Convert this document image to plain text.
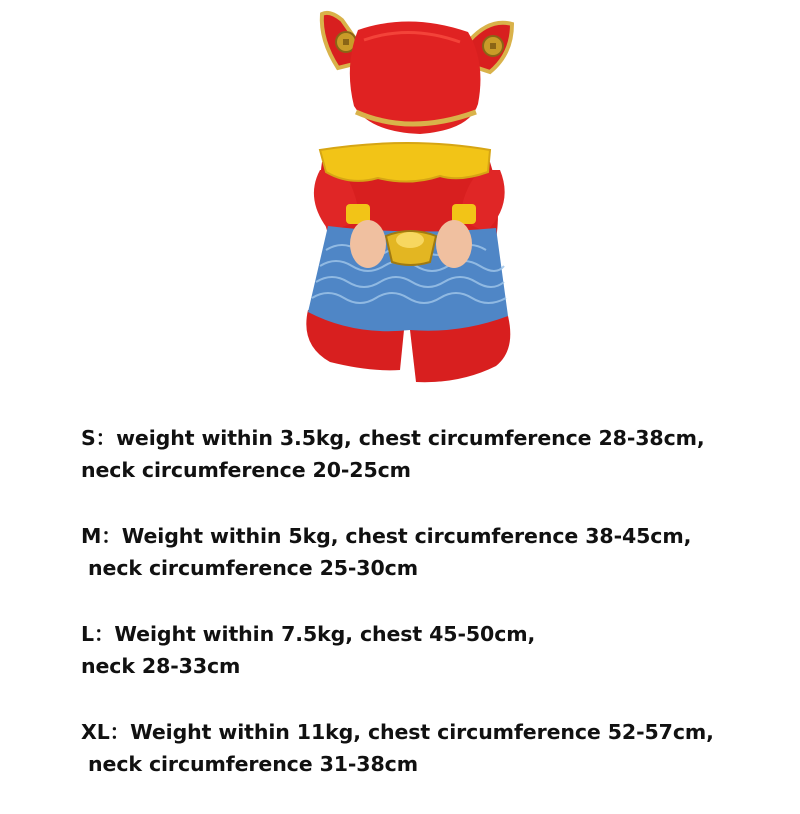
S：weight within 3.5kg, chest circumference 28-38cm,
neck circumference 20-25cm
M：Weight within 5kg, chest circumference 38-45cm,
neck circumference 25-30cm
L：Weight within 7.5kg, chest 45-50cm,
neck 28-33cm
XL：Weight within 11kg, chest circumference 52-57cm,
neck circumference 31-38cm
